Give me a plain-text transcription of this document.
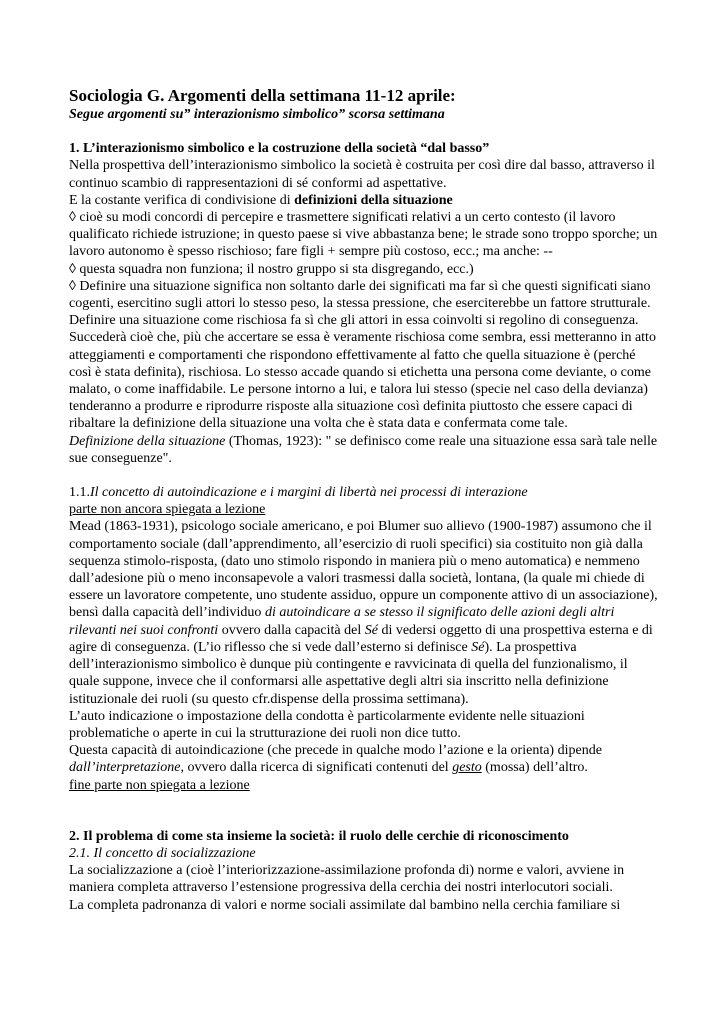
Sociologia G. Argomenti della settimana 11-12 aprile:

Segue argomenti su” interazionismo simbolico” scorsa settimana

1. L’interazionismo simbolico e la costruzione della società “dal basso”

Nella prospettiva dell’interazionismo simbolico la società è costruita per così dire dal basso, attraverso il continuo scambio di rappresentazioni di sé conformi ad aspettative.

E la costante verifica di condivisione di definizioni della situazione

◊ cioè su modi concordi di percepire e trasmettere significati relativi a un certo contesto (il lavoro qualificato richiede istruzione; in questo paese si vive abbastanza bene; le strade sono troppo sporche; un lavoro autonomo è spesso rischioso; fare figli + sempre più costoso, ecc.; ma anche: --

◊ questa squadra non funziona; il nostro gruppo si sta disgregando, ecc.)

◊ Definire una situazione significa non soltanto darle dei significati ma far sì che questi significati siano cogenti, esercitino sugli attori lo stesso peso, la stessa pressione, che eserciterebbe un fattore strutturale. Definire una situazione come rischiosa fa sì che gli attori in essa coinvolti si regolino di conseguenza. Succederà cioè che, più che accertare se essa è veramente rischiosa come sembra, essi metteranno in atto atteggiamenti e comportamenti che rispondono effettivamente al fatto che quella situazione è (perché così è stata definita), rischiosa. Lo stesso accade quando si etichetta una persona come deviante, o come malato, o come inaffidabile. Le persone intorno a lui, e talora lui stesso (specie nel caso della devianza) tenderanno a produrre e riprodurre risposte alla situazione così definita piuttosto che essere capaci di ribaltare la definizione della situazione una volta che è stata data e confermata come tale.

Definizione della situazione (Thomas, 1923): " se definisco come reale una situazione essa sarà tale nelle sue conseguenze".

1.1.Il concetto di autoindicazione e i margini di libertà nei processi di interazione

parte non ancora spiegata a lezione

Mead (1863-1931), psicologo sociale americano, e poi Blumer suo allievo (1900-1987) assumono che il comportamento sociale (dall’apprendimento, all’esercizio di ruoli specifici) sia costituito non già dalla sequenza stimolo-risposta, (dato uno stimolo rispondo in maniera più o meno automatica) e nemmeno dall’adesione più o meno inconsapevole a valori trasmessi dalla società, lontana, (la quale mi chiede di essere un lavoratore competente, uno studente assiduo, oppure un componente attivo di un associazione), bensì dalla capacità dell’individuo di autoindicare a se stesso il significato delle azioni degli altri rilevanti nei suoi confronti ovvero dalla capacità del Sé di vedersi oggetto di una prospettiva esterna e di agire di conseguenza. (L’io riflesso che si vede dall’esterno si definisce Sé). La prospettiva dell’interazionismo simbolico è dunque più contingente e ravvicinata di quella del funzionalismo, il quale suppone, invece che il conformarsi alle aspettative degli altri sia inscritto nella definizione istituzionale dei ruoli (su questo cfr.dispense della prossima settimana).

L’auto indicazione o impostazione della condotta è particolarmente evidente nelle situazioni problematiche o aperte in cui la strutturazione dei ruoli non dice tutto.

Questa capacità di autoindicazione (che precede in qualche modo l’azione e la orienta) dipende dall’interpretazione, ovvero dalla ricerca di significati contenuti del gesto (mossa) dell’altro.

fine parte non spiegata a lezione

2. Il problema di come sta insieme la società: il ruolo delle cerchie di riconoscimento

2.1. Il concetto di socializzazione

La socializzazione a (cioè l’interiorizzazione-assimilazione profonda di) norme e valori, avviene in maniera completa attraverso l’estensione progressiva della cerchia dei nostri interlocutori sociali.

La completa padronanza di valori e norme sociali assimilate dal bambino nella cerchia familiare si
